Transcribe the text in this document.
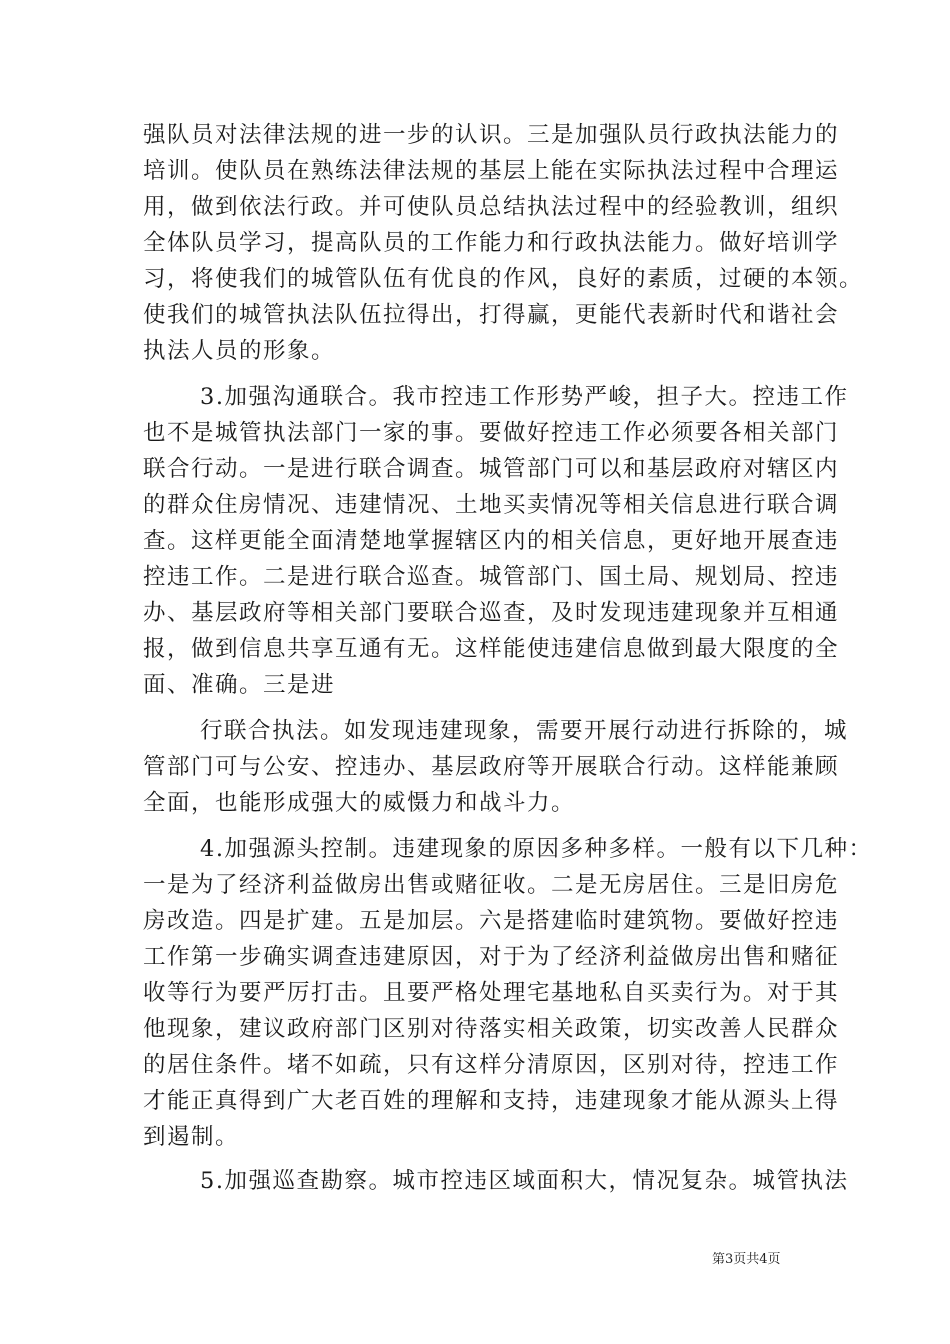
强队员对法律法规的进一步的认识。三是加强队员行政执法能力的
培训。使队员在熟练法律法规的基层上能在实际执法过程中合理运
用，做到依法行政。并可使队员总结执法过程中的经验教训，组织
全体队员学习，提高队员的工作能力和行政执法能力。做好培训学
习，将使我们的城管队伍有优良的作风，良好的素质，过硬的本领。
使我们的城管执法队伍拉得出，打得赢，更能代表新时代和谐社会
执法人员的形象。
3.加强沟通联合。我市控违工作形势严峻，担子大。控违工作
也不是城管执法部门一家的事。要做好控违工作必须要各相关部门
联合行动。一是进行联合调查。城管部门可以和基层政府对辖区内
的群众住房情况、违建情况、土地买卖情况等相关信息进行联合调
查。这样更能全面清楚地掌握辖区内的相关信息，更好地开展查违
控违工作。二是进行联合巡查。城管部门、国土局、规划局、控违
办、基层政府等相关部门要联合巡查，及时发现违建现象并互相通
报，做到信息共享互通有无。这样能使违建信息做到最大限度的全
面、准确。三是进
行联合执法。如发现违建现象，需要开展行动进行拆除的，城
管部门可与公安、控违办、基层政府等开展联合行动。这样能兼顾
全面，也能形成强大的威慑力和战斗力。
4.加强源头控制。违建现象的原因多种多样。一般有以下几种：
一是为了经济利益做房出售或赌征收。二是无房居住。三是旧房危
房改造。四是扩建。五是加层。六是搭建临时建筑物。要做好控违
工作第一步确实调查违建原因，对于为了经济利益做房出售和赌征
收等行为要严厉打击。且要严格处理宅基地私自买卖行为。对于其
他现象，建议政府部门区别对待落实相关政策，切实改善人民群众
的居住条件。堵不如疏，只有这样分清原因，区别对待，控违工作
才能正真得到广大老百姓的理解和支持，违建现象才能从源头上得
到遏制。
5.加强巡查勘察。城市控违区域面积大，情况复杂。城管执法
第3页共4页
